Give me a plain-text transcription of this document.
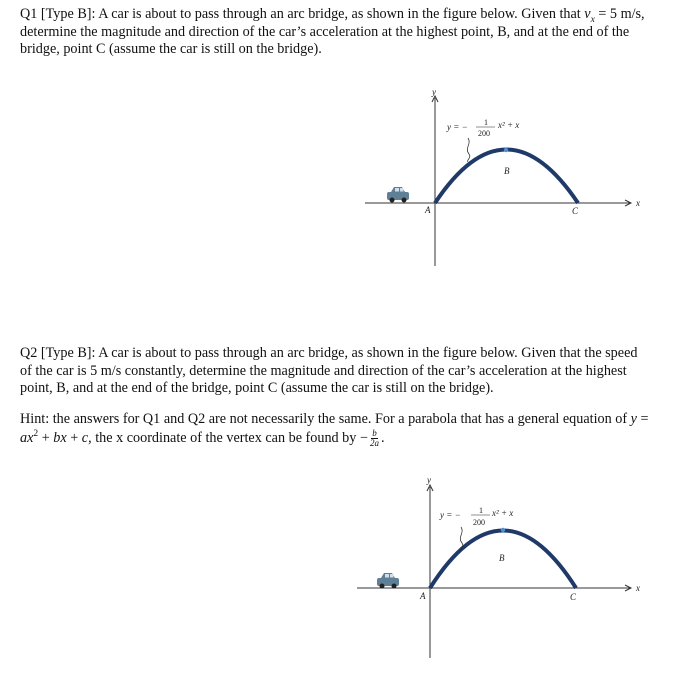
Q1 [Type B]: A car is about to pass through an arc bridge, as shown in the figure below. Given that $v_x = 5$ m/s, determine the magnitude and direction of the car’s acceleration at the highest point, B, and at the end of the bridge, point C (assume the car is still on the bridge).
y
x
A
B
C
y = − 1
200
x² + x
Q2 [Type B]: A car is about to pass through an arc bridge, as shown in the figure below. Given that the speed of the car is 5 m/s constantly, determine the magnitude and direction of the car’s acceleration at the highest point, B, and at the end of the bridge, point C (assume the car is still on the bridge).
Hint: the answers for Q1 and Q2 are not necessarily the same. For a parabola that has a general equation of $y = ax^2$ + bx + c, the x coordinate of the vertex can be found by − $\frac{b}{2a}$ .
y
x
A
B
C
y = − 1
200
x² + x
